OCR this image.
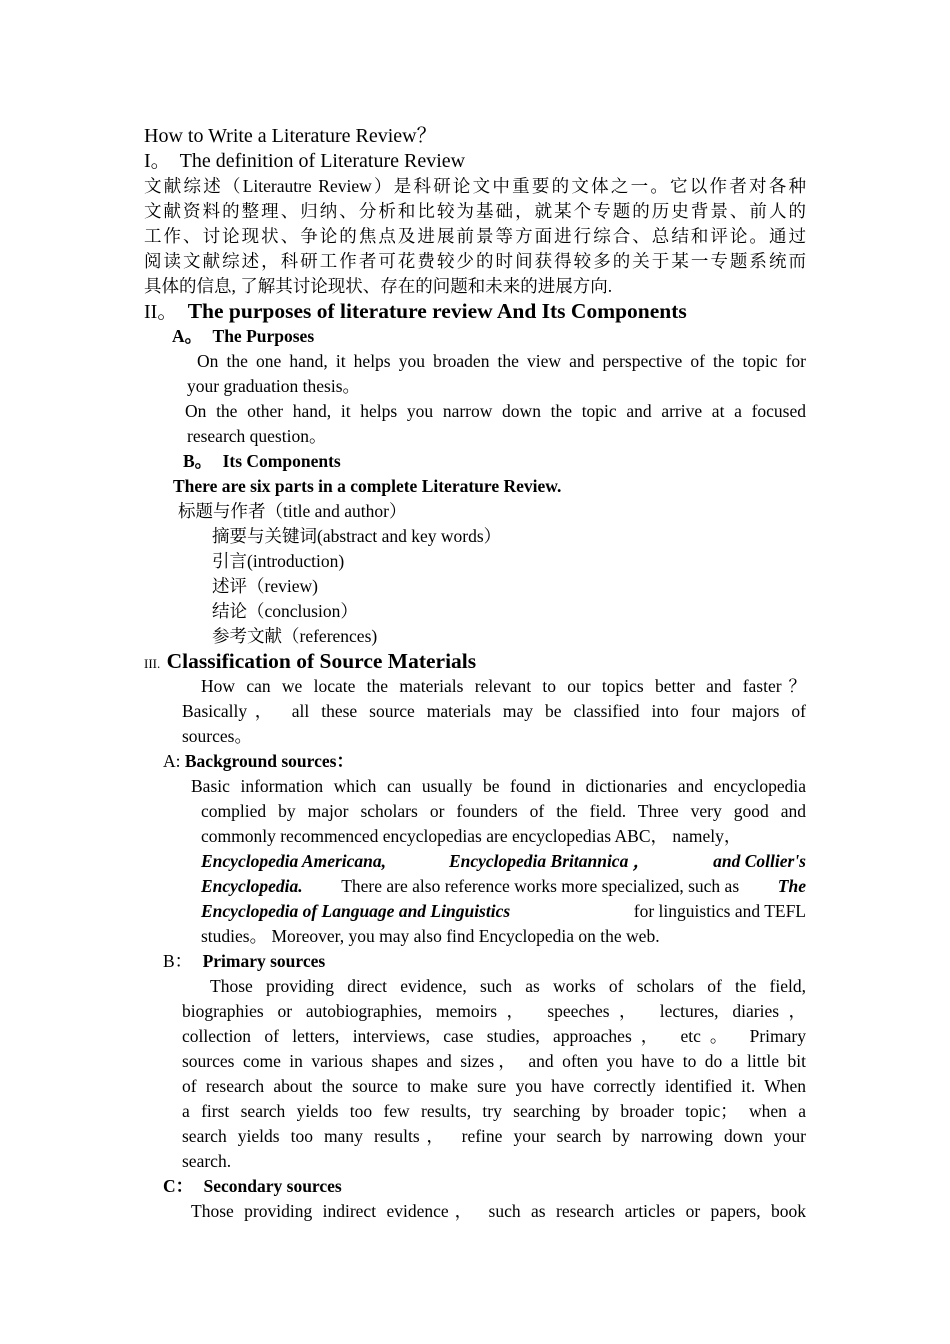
How to Write a Literature Review？
I。 The definition of Literature Review
文献综述（Literautre Review）是科研论文中重要的文体之一。它以作者对各种
文献资料的整理、归纳、分析和比较为基础，就某个专题的历史背景、前人的
工作、讨论现状、争论的焦点及进展前景等方面进行综合、总结和评论。通过
阅读文献综述，科研工作者可花费较少的时间获得较多的关于某一专题系统而
具体的信息, 了解其讨论现状、存在的问题和未来的进展方向.
II。 The purposes of literature review And Its Components
A。 The Purposes
On the one hand, it helps you broaden the view and perspective of the topic for
your graduation thesis。
On the other hand, it helps you narrow down the topic and arrive at a focused
research question。
B。 Its Components
There are six parts in a complete Literature Review.
标题与作者（title and author）
摘要与关键词(abstract and key words）
引言(introduction)
述评（review)
结论（conclusion）
参考文献（references)
III. Classification of Source Materials
How can we locate the materials relevant to our topics better and faster？
Basically， all these source materials may be classified into four majors of
sources。
A: Background sources：
Basic information which can usually be found in dictionaries and encyclopedia
complied by major scholars or founders of the field. Three very good and
commonly recommenced encyclopedias are encyclopedias ABC， namely，
Encyclopedia Americana,	Encyclopedia Britannica ，	and Collier's
Encyclopedia. There are also reference works more specialized, such as The
Encyclopedia of Language and Linguistics	for linguistics and TEFL
studies。 Moreover, you may also find Encyclopedia on the web.
B： Primary sources
Those providing direct evidence, such as works of scholars of the field,
biographies or autobiographies, memoirs， speeches， lectures, diaries，
collection of letters, interviews, case studies, approaches， etc。 Primary
sources come in various shapes and sizes， and often you have to do a little bit
of research about the source to make sure you have correctly identified it. When
a first search yields too few results, try searching by broader topic； when a
search yields too many results， refine your search by narrowing down your
search.
C： Secondary sources
Those providing indirect evidence， such as research articles or papers, book
